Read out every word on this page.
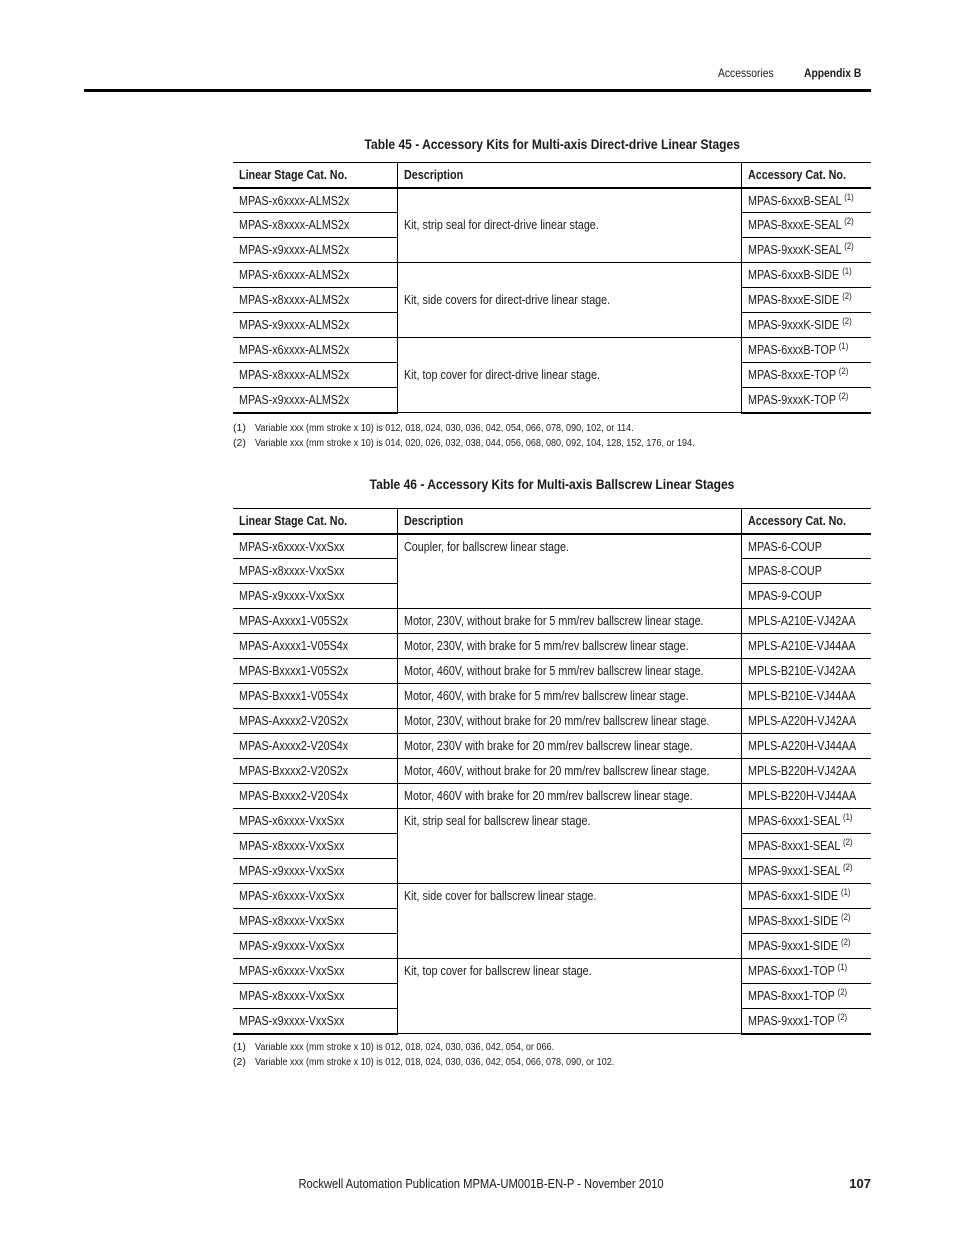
Accessories	Appendix B
Table 45 - Accessory Kits for Multi-axis Direct-drive Linear Stages
Linear Stage Cat. No.	Description	Accessory Cat. No.
MPAS-x6xxxx-ALMS2x	Kit, strip seal for direct-drive linear stage.	MPAS-6xxxB-SEAL $^{(1)}$
MPAS-x8xxxx-ALMS2x		MPAS-8xxxE-SEAL $^{(2)}$
MPAS-x9xxxx-ALMS2x		MPAS-9xxxK-SEAL $^{(2)}$
MPAS-x6xxxx-ALMS2x	Kit, side covers for direct-drive linear stage.	MPAS-6xxxB-SIDE $^{(1)}$
MPAS-x8xxxx-ALMS2x		MPAS-8xxxE-SIDE $^{(2)}$
MPAS-x9xxxx-ALMS2x		MPAS-9xxxK-SIDE $^{(2)}$
MPAS-x6xxxx-ALMS2x	Kit, top cover for direct-drive linear stage.	MPAS-6xxxB-TOP $^{(1)}$
MPAS-x8xxxx-ALMS2x		MPAS-8xxxE-TOP $^{(2)}$
MPAS-x9xxxx-ALMS2x		MPAS-9xxxK-TOP $^{(2)}$
(1) Variable xxx (mm stroke x 10) is 012, 018, 024, 030, 036, 042, 054, 066, 078, 090, 102, or 114.
(2) Variable xxx (mm stroke x 10) is 014, 020, 026, 032, 038, 044, 056, 068, 080, 092, 104, 128, 152, 176, or 194.
Table 46 - Accessory Kits for Multi-axis Ballscrew Linear Stages
Linear Stage Cat. No.	Description	Accessory Cat. No.
MPAS-x6xxxx-VxxSxx	Coupler, for ballscrew linear stage.	MPAS-6-COUP
MPAS-x8xxxx-VxxSxx		MPAS-8-COUP
MPAS-x9xxxx-VxxSxx		MPAS-9-COUP
MPAS-Axxxx1-V05S2x	Motor, 230V, without brake for 5 mm/rev ballscrew linear stage.	MPLS-A210E-VJ42AA
MPAS-Axxxx1-V05S4x	Motor, 230V, with brake for 5 mm/rev ballscrew linear stage.	MPLS-A210E-VJ44AA
MPAS-Bxxxx1-V05S2x	Motor, 460V, without brake for 5 mm/rev ballscrew linear stage.	MPLS-B210E-VJ42AA
MPAS-Bxxxx1-V05S4x	Motor, 460V, with brake for 5 mm/rev ballscrew linear stage.	MPLS-B210E-VJ44AA
MPAS-Axxxx2-V20S2x	Motor, 230V, without brake for 20 mm/rev ballscrew linear stage.	MPLS-A220H-VJ42AA
MPAS-Axxxx2-V20S4x	Motor, 230V with brake for 20 mm/rev ballscrew linear stage.	MPLS-A220H-VJ44AA
MPAS-Bxxxx2-V20S2x	Motor, 460V, without brake for 20 mm/rev ballscrew linear stage.	MPLS-B220H-VJ42AA
MPAS-Bxxxx2-V20S4x	Motor, 460V with brake for 20 mm/rev ballscrew linear stage.	MPLS-B220H-VJ44AA
MPAS-x6xxxx-VxxSxx	Kit, strip seal for ballscrew linear stage.	MPAS-6xxx1-SEAL $^{(1)}$
MPAS-x8xxxx-VxxSxx		MPAS-8xxx1-SEAL $^{(2)}$
MPAS-x9xxxx-VxxSxx		MPAS-9xxx1-SEAL $^{(2)}$
MPAS-x6xxxx-VxxSxx	Kit, side cover for ballscrew linear stage.	MPAS-6xxx1-SIDE $^{(1)}$
MPAS-x8xxxx-VxxSxx		MPAS-8xxx1-SIDE $^{(2)}$
MPAS-x9xxxx-VxxSxx		MPAS-9xxx1-SIDE $^{(2)}$
MPAS-x6xxxx-VxxSxx	Kit, top cover for ballscrew linear stage.	MPAS-6xxx1-TOP $^{(1)}$
MPAS-x8xxxx-VxxSxx		MPAS-8xxx1-TOP $^{(2)}$
MPAS-x9xxxx-VxxSxx		MPAS-9xxx1-TOP $^{(2)}$
(1) Variable xxx (mm stroke x 10) is 012, 018, 024, 030, 036, 042, 054, or 066.
(2) Variable xxx (mm stroke x 10) is 012, 018, 024, 030, 036, 042, 054, 066, 078, 090, or 102.
Rockwell Automation Publication MPMA-UM001B-EN-P - November 2010	107
